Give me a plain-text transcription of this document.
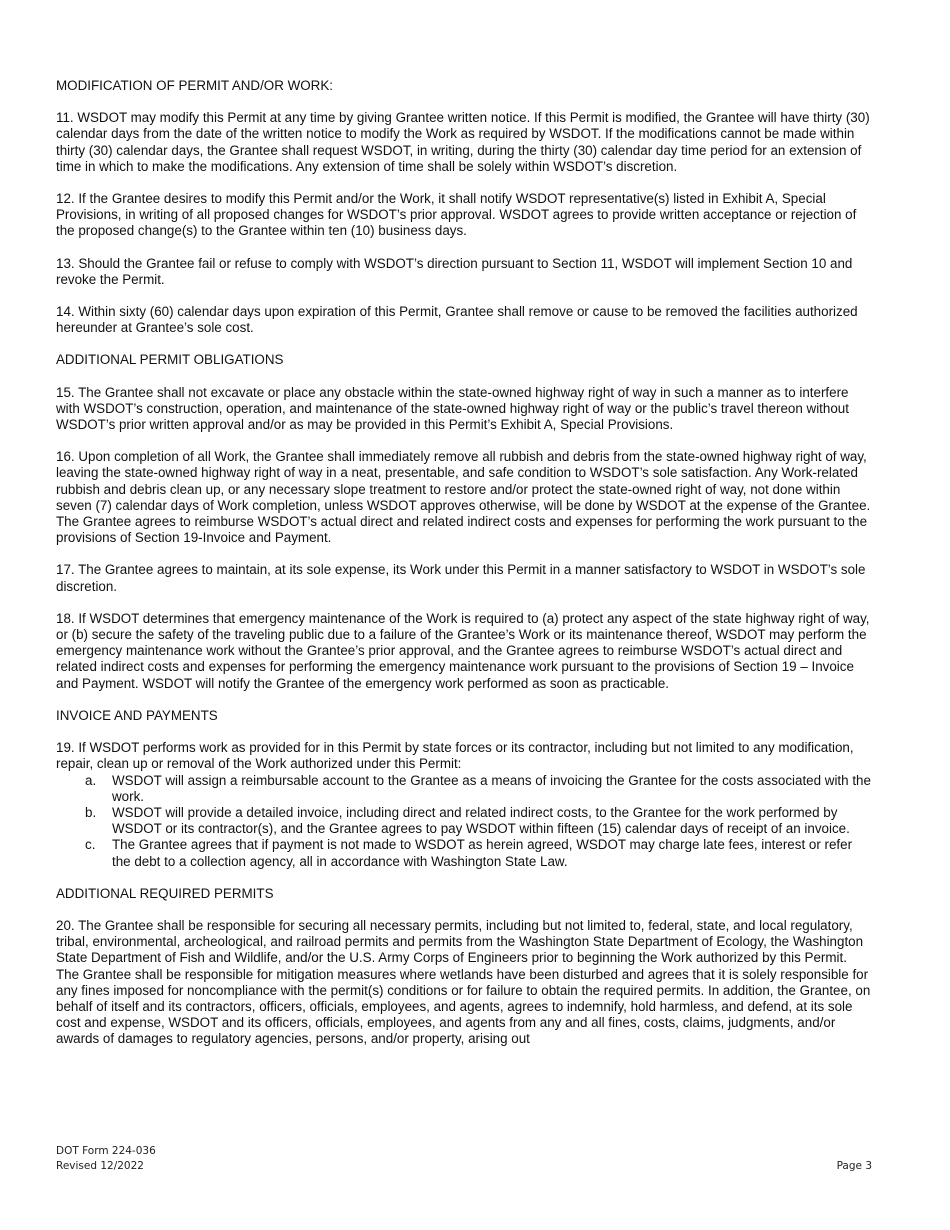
MODIFICATION OF PERMIT AND/OR WORK:

11. WSDOT may modify this Permit at any time by giving Grantee written notice. If this Permit is modified, the Grantee will have thirty (30) calendar days from the date of the written notice to modify the Work as required by WSDOT. If the modifications cannot be made within thirty (30) calendar days, the Grantee shall request WSDOT, in writing, during the thirty (30) calendar day time period for an extension of time in which to make the modifications. Any extension of time shall be solely within WSDOT’s discretion.

12. If the Grantee desires to modify this Permit and/or the Work, it shall notify WSDOT representative(s) listed in Exhibit A, Special Provisions, in writing of all proposed changes for WSDOT’s prior approval. WSDOT agrees to provide written acceptance or rejection of the proposed change(s) to the Grantee within ten (10) business days.

13. Should the Grantee fail or refuse to comply with WSDOT’s direction pursuant to Section 11, WSDOT will implement Section 10 and revoke the Permit.

14. Within sixty (60) calendar days upon expiration of this Permit, Grantee shall remove or cause to be removed the facilities authorized hereunder at Grantee’s sole cost.

ADDITIONAL PERMIT OBLIGATIONS

15. The Grantee shall not excavate or place any obstacle within the state-owned highway right of way in such a manner as to interfere with WSDOT’s construction, operation, and maintenance of the state-owned highway right of way or the public’s travel thereon without WSDOT’s prior written approval and/or as may be provided in this Permit’s Exhibit A, Special Provisions.

16. Upon completion of all Work, the Grantee shall immediately remove all rubbish and debris from the state-owned highway right of way, leaving the state-owned highway right of way in a neat, presentable, and safe condition to WSDOT’s sole satisfaction. Any Work-related rubbish and debris clean up, or any necessary slope treatment to restore and/or protect the state-owned right of way, not done within seven (7) calendar days of Work completion, unless WSDOT approves otherwise, will be done by WSDOT at the expense of the Grantee. The Grantee agrees to reimburse WSDOT’s actual direct and related indirect costs and expenses for performing the work pursuant to the provisions of Section 19-Invoice and Payment.

17. The Grantee agrees to maintain, at its sole expense, its Work under this Permit in a manner satisfactory to WSDOT in WSDOT’s sole discretion.

18. If WSDOT determines that emergency maintenance of the Work is required to (a) protect any aspect of the state highway right of way, or (b) secure the safety of the traveling public due to a failure of the Grantee’s Work or its maintenance thereof, WSDOT may perform the emergency maintenance work without the Grantee’s prior approval, and the Grantee agrees to reimburse WSDOT’s actual direct and related indirect costs and expenses for performing the emergency maintenance work pursuant to the provisions of Section 19 – Invoice and Payment. WSDOT will notify the Grantee of the emergency work performed as soon as practicable.

INVOICE AND PAYMENTS

19. If WSDOT performs work as provided for in this Permit by state forces or its contractor, including but not limited to any modification, repair, clean up or removal of the Work authorized under this Permit:

a.	WSDOT will assign a reimbursable account to the Grantee as a means of invoicing the Grantee for the costs associated with the work.
b.	WSDOT will provide a detailed invoice, including direct and related indirect costs, to the Grantee for the work performed by WSDOT or its contractor(s), and the Grantee agrees to pay WSDOT within fifteen (15) calendar days of receipt of an invoice.
c.	The Grantee agrees that if payment is not made to WSDOT as herein agreed, WSDOT may charge late fees, interest or refer the debt to a collection agency, all in accordance with Washington State Law.

ADDITIONAL REQUIRED PERMITS

20. The Grantee shall be responsible for securing all necessary permits, including but not limited to, federal, state, and local regulatory, tribal, environmental, archeological, and railroad permits and permits from the Washington State Department of Ecology, the Washington State Department of Fish and Wildlife, and/or the U.S. Army Corps of Engineers prior to beginning the Work authorized by this Permit. The Grantee shall be responsible for mitigation measures where wetlands have been disturbed and agrees that it is solely responsible for any fines imposed for noncompliance with the permit(s) conditions or for failure to obtain the required permits. In addition, the Grantee, on behalf of itself and its contractors, officers, officials, employees, and agents, agrees to indemnify, hold harmless, and defend, at its sole cost and expense, WSDOT and its officers, officials, employees, and agents from any and all fines, costs, claims, judgments, and/or awards of damages to regulatory agencies, persons, and/or property, arising out

DOT Form 224-036
Revised 12/2022	Page 3
